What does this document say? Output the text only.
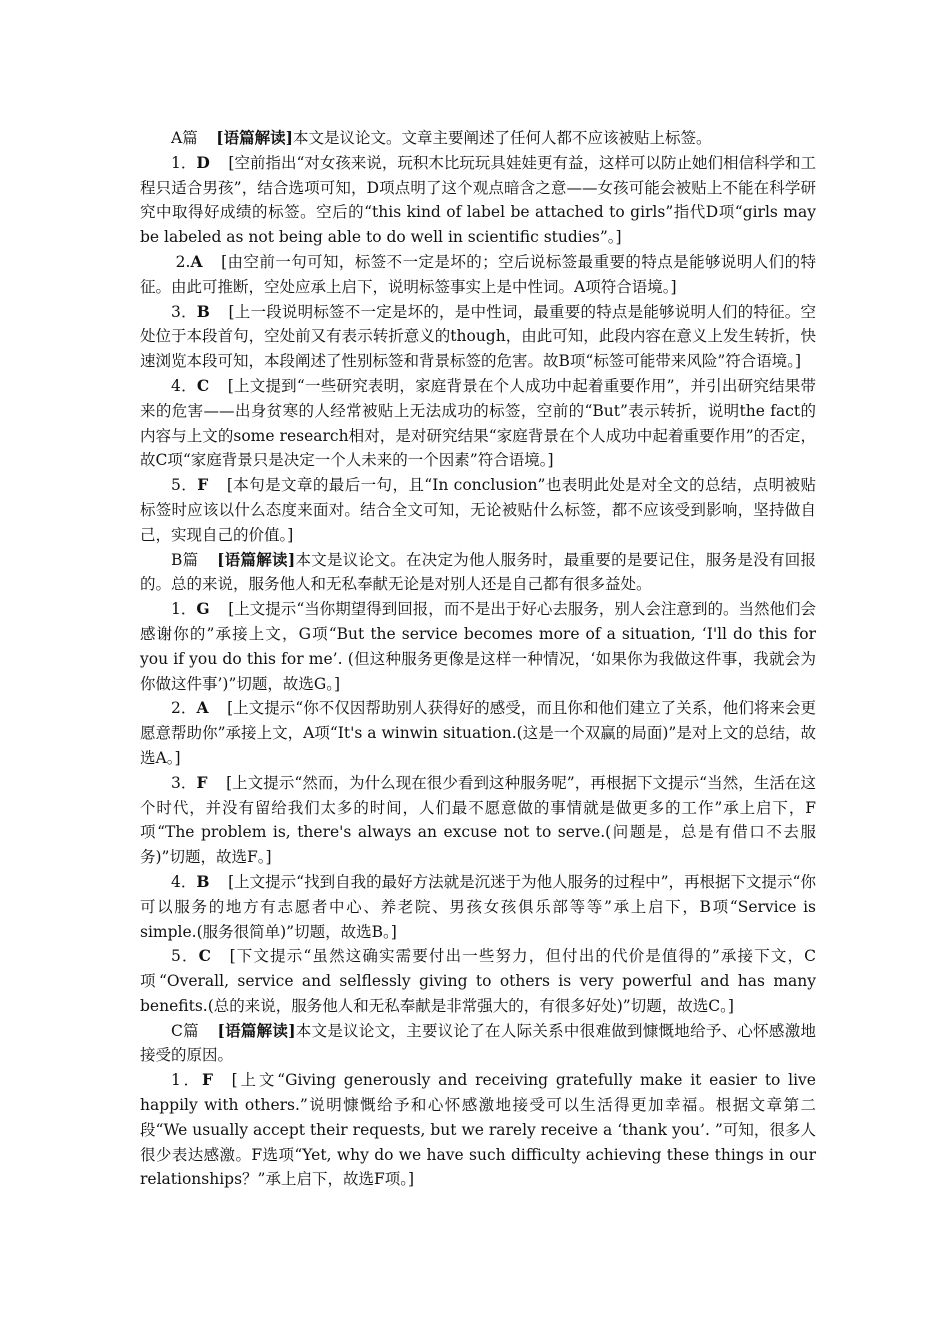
A篇 [语篇解读]本文是议论文。文章主要阐述了任何人都不应该被贴上标签。

1．D [空前指出“对女孩来说，玩积木比玩玩具娃娃更有益，这样可以防止她们相信科学和工程只适合男孩”，结合选项可知，D项点明了这个观点暗含之意——女孩可能会被贴上不能在科学研究中取得好成绩的标签。空后的“this kind of label be attached to girls”指代D项“girls may be labeled as not being able to do well in scientific studies”。]

2.A [由空前一句可知，标签不一定是坏的；空后说标签最重要的特点是能够说明人们的特征。由此可推断，空处应承上启下，说明标签事实上是中性词。A项符合语境。]

3．B [上一段说明标签不一定是坏的，是中性词，最重要的特点是能够说明人们的特征。空处位于本段首句，空处前又有表示转折意义的though，由此可知，此段内容在意义上发生转折，快速浏览本段可知，本段阐述了性别标签和背景标签的危害。故B项“标签可能带来风险”符合语境。]

4．C [上文提到“一些研究表明，家庭背景在个人成功中起着重要作用”，并引出研究结果带来的危害——出身贫寒的人经常被贴上无法成功的标签，空前的“But”表示转折，说明the fact的内容与上文的some research相对，是对研究结果“家庭背景在个人成功中起着重要作用”的否定，故C项“家庭背景只是决定一个人未来的一个因素”符合语境。]

5．F [本句是文章的最后一句，且“In conclusion”也表明此处是对全文的总结，点明被贴标签时应该以什么态度来面对。结合全文可知，无论被贴什么标签，都不应该受到影响，坚持做自己，实现自己的价值。]

B篇 [语篇解读]本文是议论文。在决定为他人服务时，最重要的是要记住，服务是没有回报的。总的来说，服务他人和无私奉献无论是对别人还是自己都有很多益处。

1．G [上文提示“当你期望得到回报，而不是出于好心去服务，别人会注意到的。当然他们会感谢你的”承接上文，G项“But the service becomes more of a situation, ‘I'll do this for you if you do this for me’. (但这种服务更像是这样一种情况，‘如果你为我做这件事，我就会为你做这件事’)”切题，故选G。]

2．A [上文提示“你不仅因帮助别人获得好的感受，而且你和他们建立了关系，他们将来会更愿意帮助你”承接上文，A项“It's a winwin situation.(这是一个双赢的局面)”是对上文的总结，故选A。]

3．F [上文提示“然而，为什么现在很少看到这种服务呢”，再根据下文提示“当然，生活在这个时代，并没有留给我们太多的时间，人们最不愿意做的事情就是做更多的工作”承上启下，F项“The problem is, there's always an excuse not to serve.(问题是，总是有借口不去服务)”切题，故选F。]

4．B [上文提示“找到自我的最好方法就是沉迷于为他人服务的过程中”，再根据下文提示“你可以服务的地方有志愿者中心、养老院、男孩女孩俱乐部等等”承上启下，B项“Service is simple.(服务很简单)”切题，故选B。]

5．C [下文提示“虽然这确实需要付出一些努力，但付出的代价是值得的”承接下文，C项“Overall, service and selflessly giving to others is very powerful and has many benefits.(总的来说，服务他人和无私奉献是非常强大的，有很多好处)”切题，故选C。]

C篇 [语篇解读]本文是议论文，主要议论了在人际关系中很难做到慷慨地给予、心怀感激地接受的原因。

1．F [上文“Giving generously and receiving gratefully make it easier to live happily with others.”说明慷慨给予和心怀感激地接受可以生活得更加幸福。根据文章第二段“We usually accept their requests, but we rarely receive a ‘thank you’. ”可知，很多人很少表达感激。F选项“Yet, why do we have such difficulty achieving these things in our relationships？”承上启下，故选F项。]
